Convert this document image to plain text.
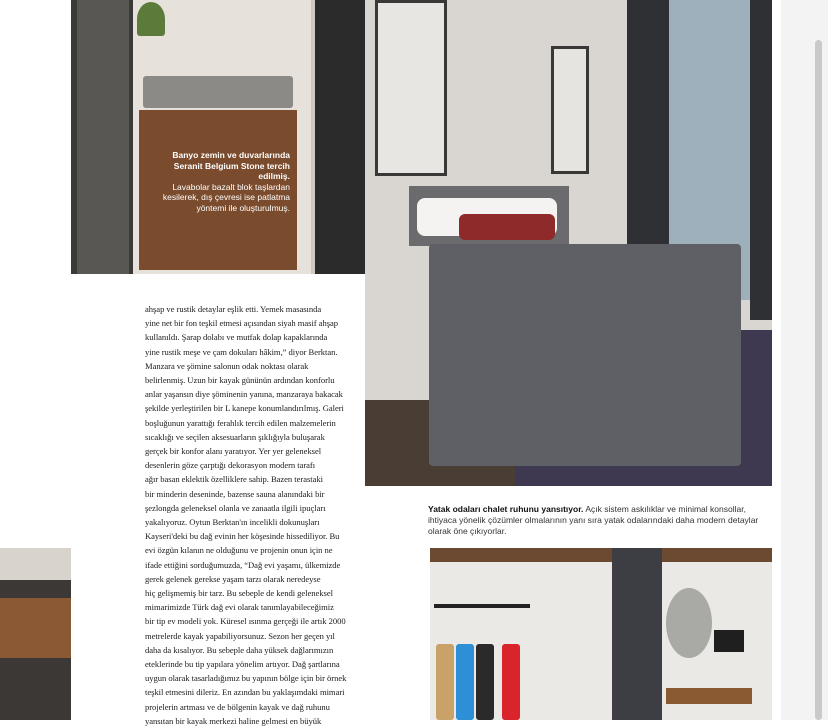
Banyo zemin ve duvarlarında Seranit Belgium Stone tercih edilmiş.
Lavabolar bazalt blok taşlardan kesilerek, dış çevresi ise patlatma yöntemi ile oluşturulmuş.
Yatak odaları chalet ruhunu yansıtıyor. Açık sistem askılıklar ve minimal konsollar, ihtiyaca yönelik çözümler olmalarının yanı sıra yatak odalarındaki daha modern detaylar olarak öne çıkıyorlar.

ahşap ve rustik detaylar eşlik etti. Yemek masasında

yine net bir fon teşkil etmesi açısından siyah masif ahşap

kullanıldı. Şarap dolabı ve mutfak dolap kapaklarında

yine rustik meşe ve çam dokuları hâkim,” diyor Berktan.

Manzara ve şömine salonun odak noktası olarak

belirlenmiş. Uzun bir kayak gününün ardından konforlu

anlar yaşansın diye şöminenin yanına, manzaraya bakacak

şekilde yerleştirilen bir L kanepe konumlandırılmış. Galeri

boşluğunun yarattığı ferahlık tercih edilen malzemelerin

sıcaklığı ve seçilen aksesuarların şıklığıyla buluşarak

gerçek bir konfor alanı yaratıyor. Yer yer geleneksel

desenlerin göze çarptığı dekorasyon modern tarafı

ağır basan eklektik özelliklere sahip. Bazen terastaki

bir minderin deseninde, bazense sauna alanındaki bir

şezlongda geleneksel olanla ve zanaatla ilgili ipuçları

yakalıyoruz. Oytun Berktan'ın incelikli dokunuşları

Kayseri'deki bu dağ evinin her köşesinde hissediliyor. Bu

evi özgün kılanın ne olduğunu ve projenin onun için ne

ifade ettiğini sorduğumuzda, “Dağ evi yaşamı, ülkemizde

gerek gelenek gerekse yaşam tarzı olarak neredeyse

hiç gelişmemiş bir tarz. Bu sebeple de kendi geleneksel

mimarimizde Türk dağ evi olarak tanımlayabileceğimiz

bir tip ev modeli yok. Küresel ısınma gerçeği ile artık 2000

metrelerde kayak yapabiliyorsunuz. Sezon her geçen yıl

daha da kısalıyor. Bu sebeple daha yüksek dağlarımızın

eteklerinde bu tip yapılara yönelim artıyor. Dağ şartlarına

uygun olarak tasarladığımız bu yapının bölge için bir örnek

teşkil etmesini dileriz. En azından bu yaklaşımdaki mimari

projelerin artması ve de bölgenin kayak ve dağ ruhunu

yansıtan bir kayak merkezi haline gelmesi en büyük
